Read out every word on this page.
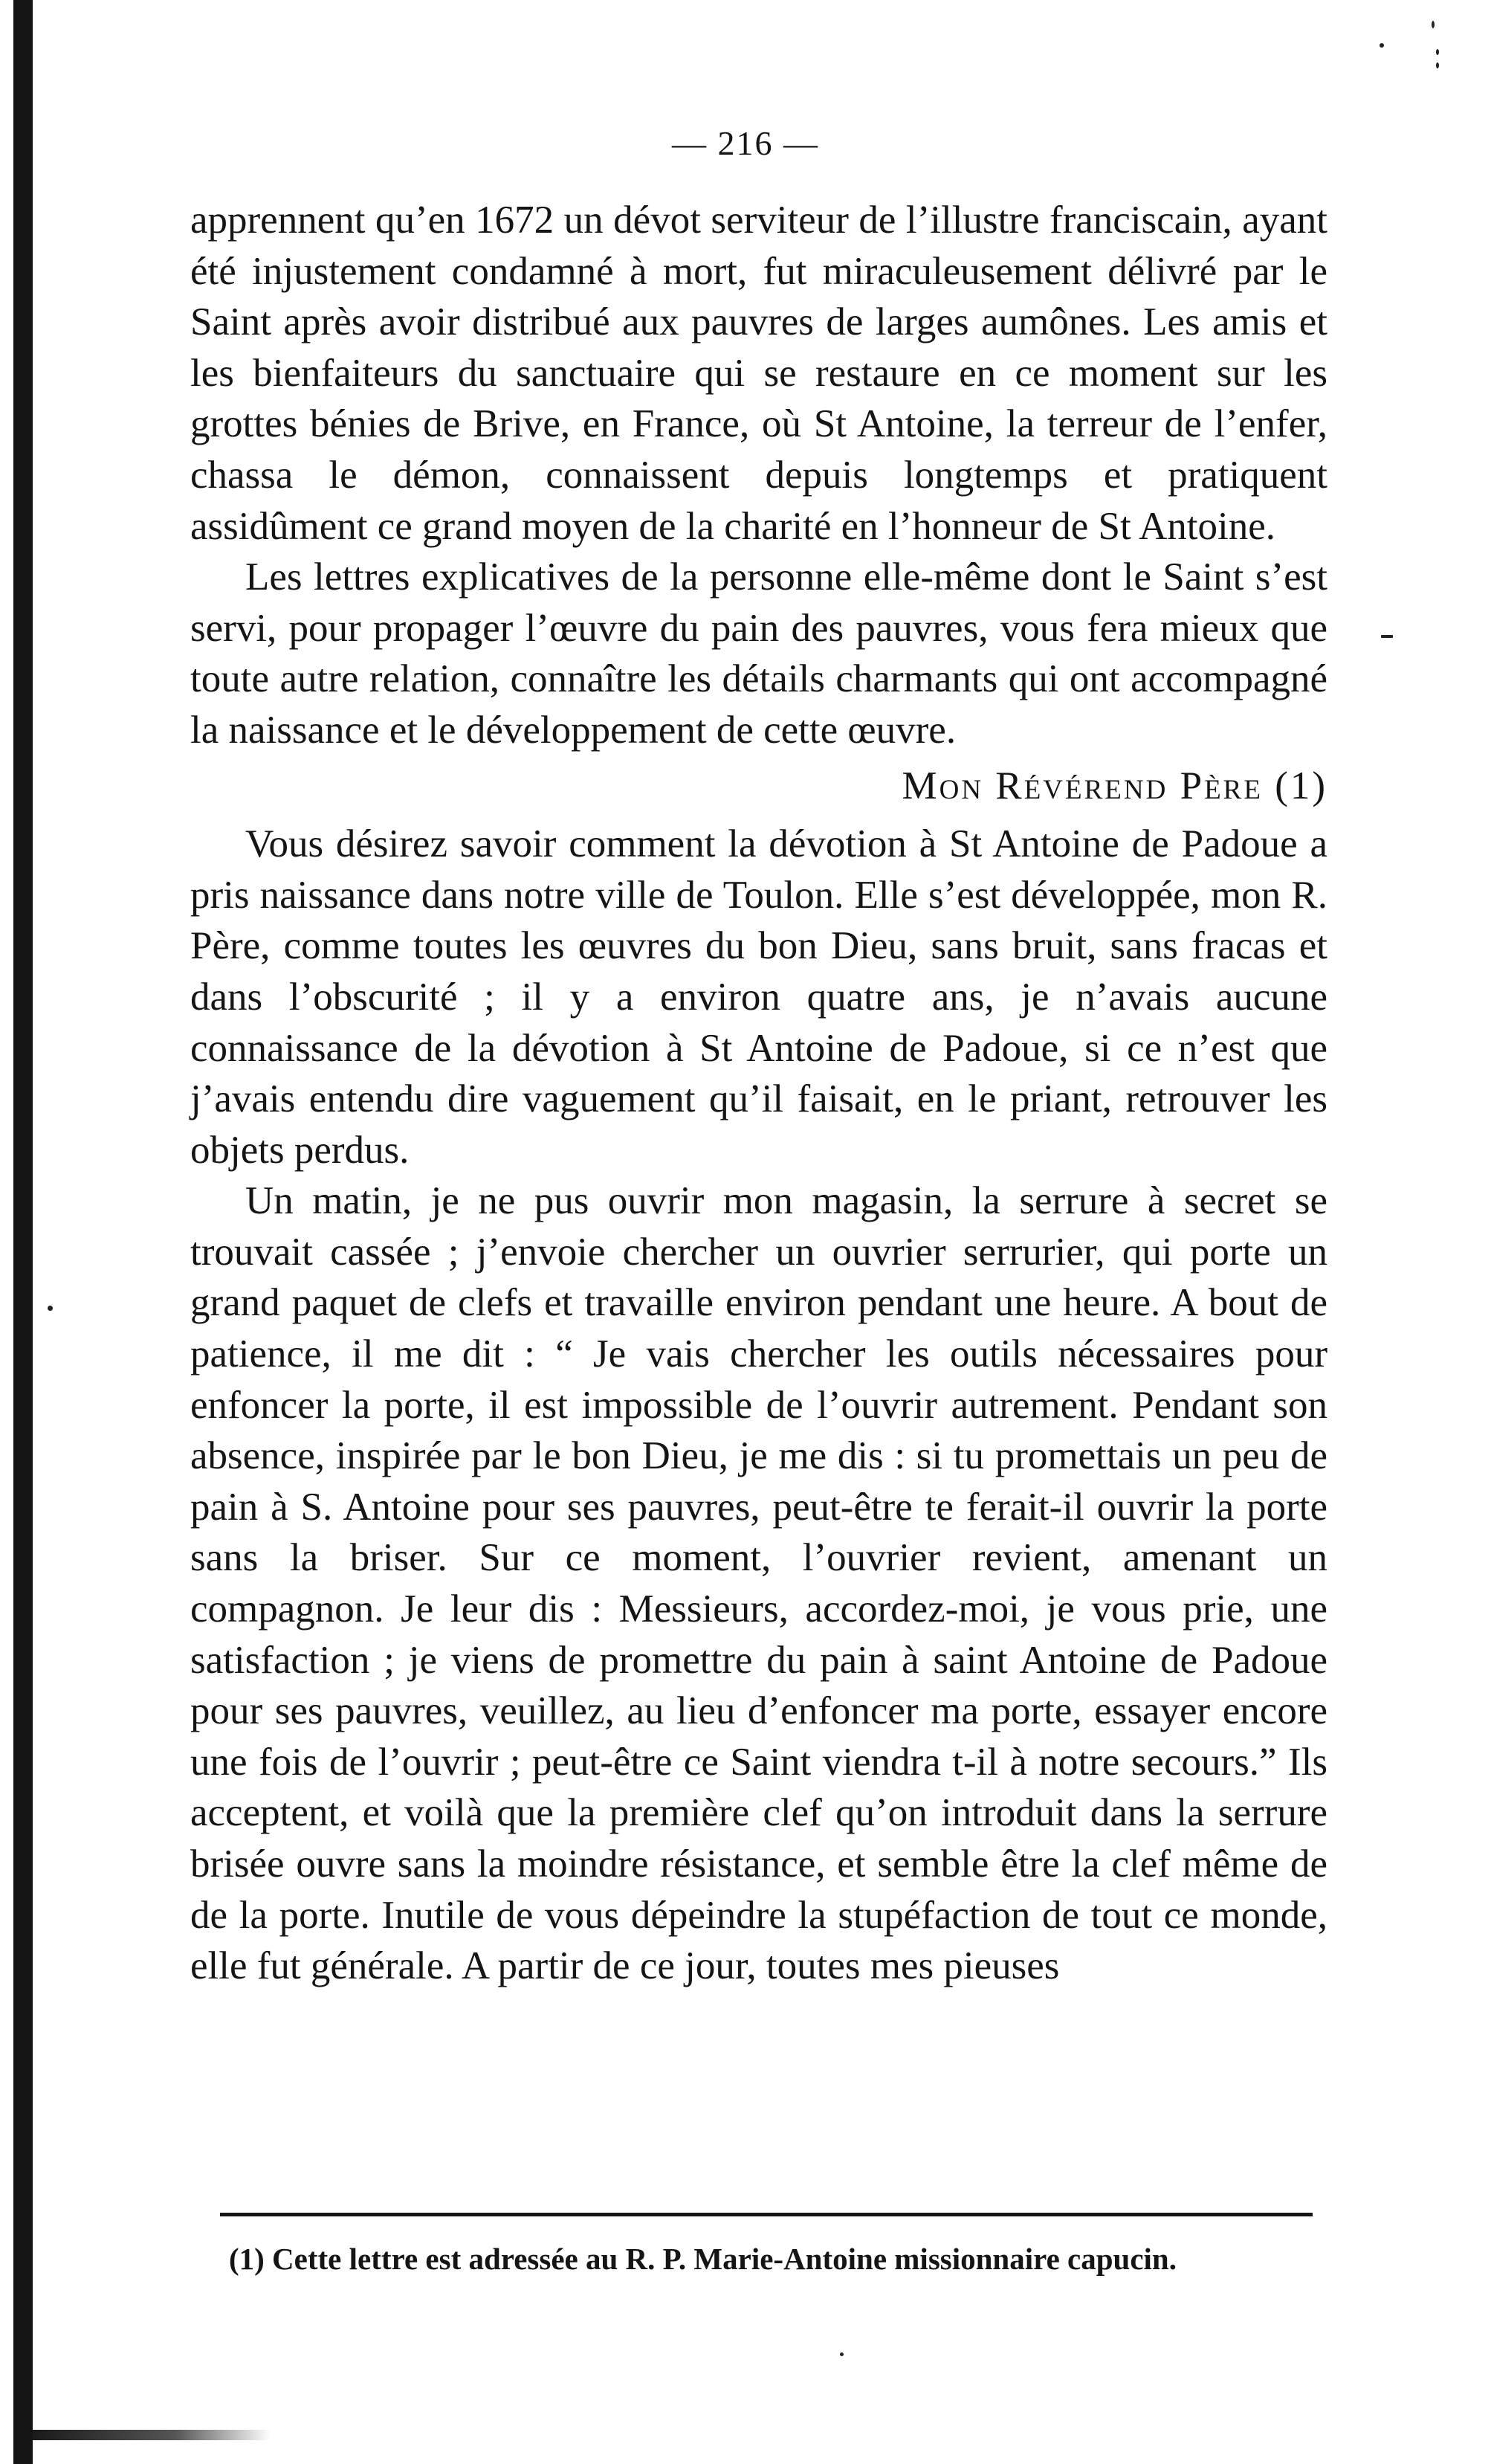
— 216 —

apprennent qu’en 1672 un dévot serviteur de l’illustre franciscain, ayant été injustement condamné à mort, fut miraculeusement délivré par le Saint après avoir distribué aux pauvres de larges aumônes. Les amis et les bienfaiteurs du sanctuaire qui se restaure en ce moment sur les grottes bénies de Brive, en France, où St Antoine, la terreur de l’enfer, chassa le démon, connaissent depuis longtemps et pratiquent assidûment ce grand moyen de la charité en l’honneur de St Antoine.

Les lettres explicatives de la personne elle-même dont le Saint s’est servi, pour propager l’œuvre du pain des pauvres, vous fera mieux que toute autre relation, connaître les détails charmants qui ont accompagné la naissance et le développement de cette œuvre.

Mon Révérend Père (1)

Vous désirez savoir comment la dévotion à St Antoine de Padoue a pris naissance dans notre ville de Toulon. Elle s’est développée, mon R. Père, comme toutes les œuvres du bon Dieu, sans bruit, sans fracas et dans l’obscurité ; il y a environ quatre ans, je n’avais aucune connaissance de la dévotion à St Antoine de Padoue, si ce n’est que j’avais entendu dire vaguement qu’il faisait, en le priant, retrouver les objets perdus.

Un matin, je ne pus ouvrir mon magasin, la serrure à secret se trouvait cassée ; j’envoie chercher un ouvrier serrurier, qui porte un grand paquet de clefs et travaille environ pendant une heure. A bout de patience, il me dit : “ Je vais chercher les outils nécessaires pour enfoncer la porte, il est impossible de l’ouvrir autrement. Pendant son absence, inspirée par le bon Dieu, je me dis : si tu promettais un peu de pain à S. Antoine pour ses pauvres, peut-être te ferait-il ouvrir la porte sans la briser. Sur ce moment, l’ouvrier revient, amenant un compagnon. Je leur dis : Messieurs, accordez-moi, je vous prie, une satisfaction ; je viens de promettre du pain à saint Antoine de Padoue pour ses pauvres, veuillez, au lieu d’enfoncer ma porte, essayer encore une fois de l’ouvrir ; peut-être ce Saint viendra t-il à notre secours.” Ils acceptent, et voilà que la première clef qu’on introduit dans la serrure brisée ouvre sans la moindre résistance, et semble être la clef même de de la porte. Inutile de vous dépeindre la stupéfaction de tout ce monde, elle fut générale. A partir de ce jour, toutes mes pieuses

(1) Cette lettre est adressée au R. P. Marie-Antoine missionnaire capucin.
